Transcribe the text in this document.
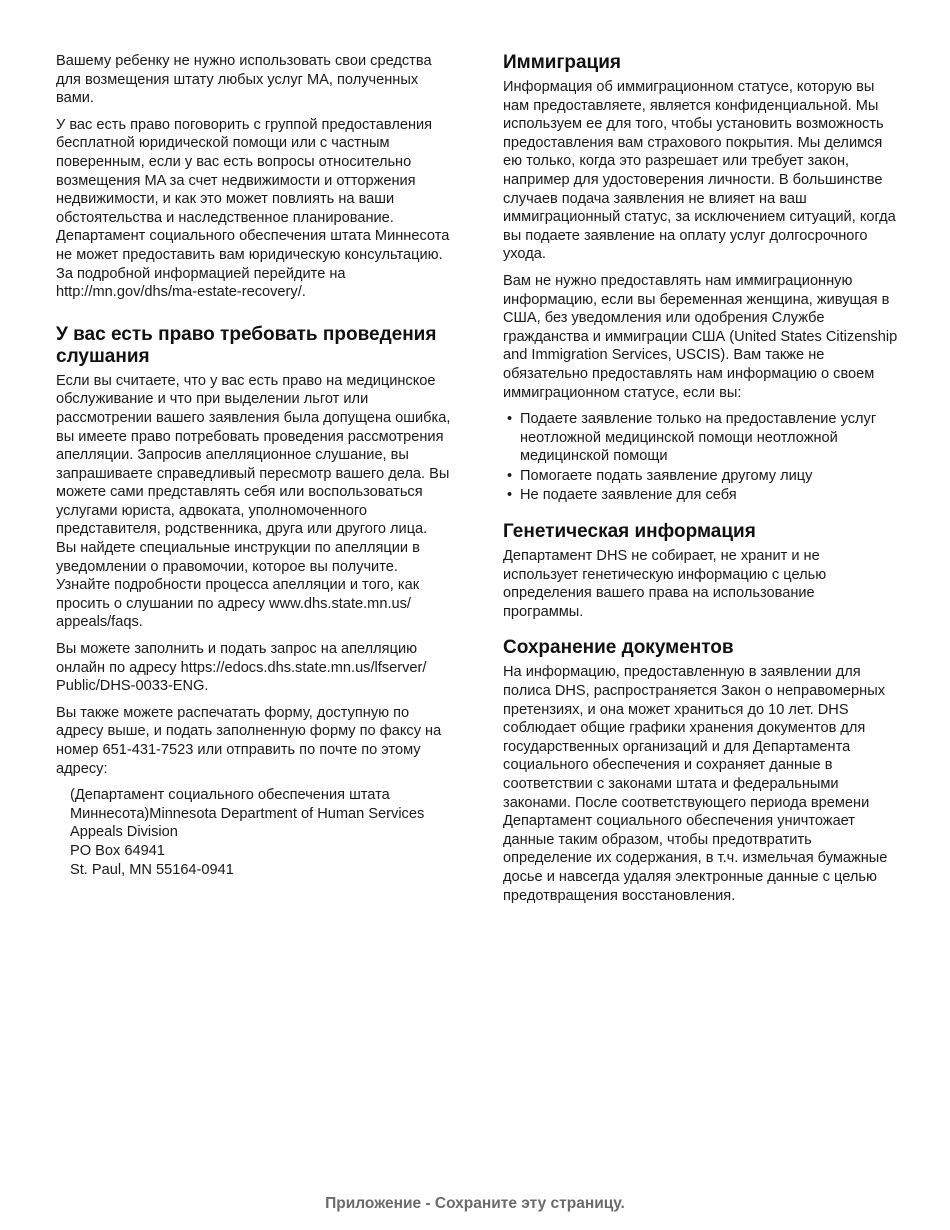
Вашему ребенку не нужно использовать свои средства для возмещения штату любых услуг MA, полученных вами.

У вас есть право поговорить с группой предоставления бесплатной юридической помощи или с частным поверенным, если у вас есть вопросы относительно возмещения MA за счет недвижимости и отторжения недвижимости, и как это может повлиять на ваши обстоятельства и наследственное планирование. Департамент социального обеспечения штата Миннесота не может предоставить вам юридическую консультацию. За подробной информацией перейдите на http://mn.gov/dhs/ma-estate-recovery/.

У вас есть право требовать проведения слушания

Если вы считаете, что у вас есть право на медицинское обслуживание и что при выделении льгот или рассмотрении вашего заявления была допущена ошибка, вы имеете право потребовать проведения рассмотрения апелляции. Запросив апелляционное слушание, вы запрашиваете справедливый пересмотр вашего дела. Вы можете сами представлять себя или воспользоваться услугами юриста, адвоката, уполномоченного представителя, родственника, друга или другого лица. Вы найдете специальные инструкции по апелляции в уведомлении о правомочии, которое вы получите. Узнайте подробности процесса апелляции и того, как просить о слушании по адресу www.dhs.state.mn.us/ appeals/faqs.

Вы можете заполнить и подать запрос на апелляцию онлайн по адресу https://edocs.dhs.state.mn.us/lfserver/ Public/DHS-0033-ENG.

Вы также можете распечатать форму, доступную по адресу выше, и подать заполненную форму по факсу на номер 651-431-7523 или отправить по почте по этому адресу:

(Департамент социального обеспечения штата
Миннесота)Minnesota Department of Human Services
Appeals Division
PO Box 64941
St. Paul, MN 55164-0941
Иммиграция

Информация об иммиграционном статусе, которую вы нам предоставляете, является конфиденциальной. Мы используем ее для того, чтобы установить возможность предоставления вам страхового покрытия. Мы делимся ею только, когда это разрешает или требует закон, например для удостоверения личности. В большинстве случаев подача заявления не влияет на ваш иммиграционный статус, за исключением ситуаций, когда вы подаете заявление на оплату услуг долгосрочного ухода.

Вам не нужно предоставлять нам иммиграционную информацию, если вы беременная женщина, живущая в США, без уведомления или одобрения Службе гражданства и иммиграции США (United States Citizenship and Immigration Services, USCIS). Вам также не обязательно предоставлять нам информацию о своем иммиграционном статусе, если вы:

• Подаете заявление только на предоставление услуг неотложной медицинской помощи неотложной медицинской помощи
• Помогаете подать заявление другому лицу
• Не подаете заявление для себя
Генетическая информация

Департамент DHS не собирает, не хранит и не использует генетическую информацию с целью определения вашего права на использование программы.

Сохранение документов

На информацию, предоставленную в заявлении для полиса DHS, распространяется Закон о неправомерных претензиях, и она может храниться до 10 лет. DHS соблюдает общие графики хранения документов для государственных организаций и для Департамента социального обеспечения и сохраняет данные в соответствии с законами штата и федеральными законами. После соответствующего периода времени Департамент социального обеспечения уничтожает данные таким образом, чтобы предотвратить определение их содержания, в т.ч. измельчая бумажные досье и навсегда удаляя электронные данные с целью предотвращения восстановления.

Приложение - Сохраните эту страницу.
